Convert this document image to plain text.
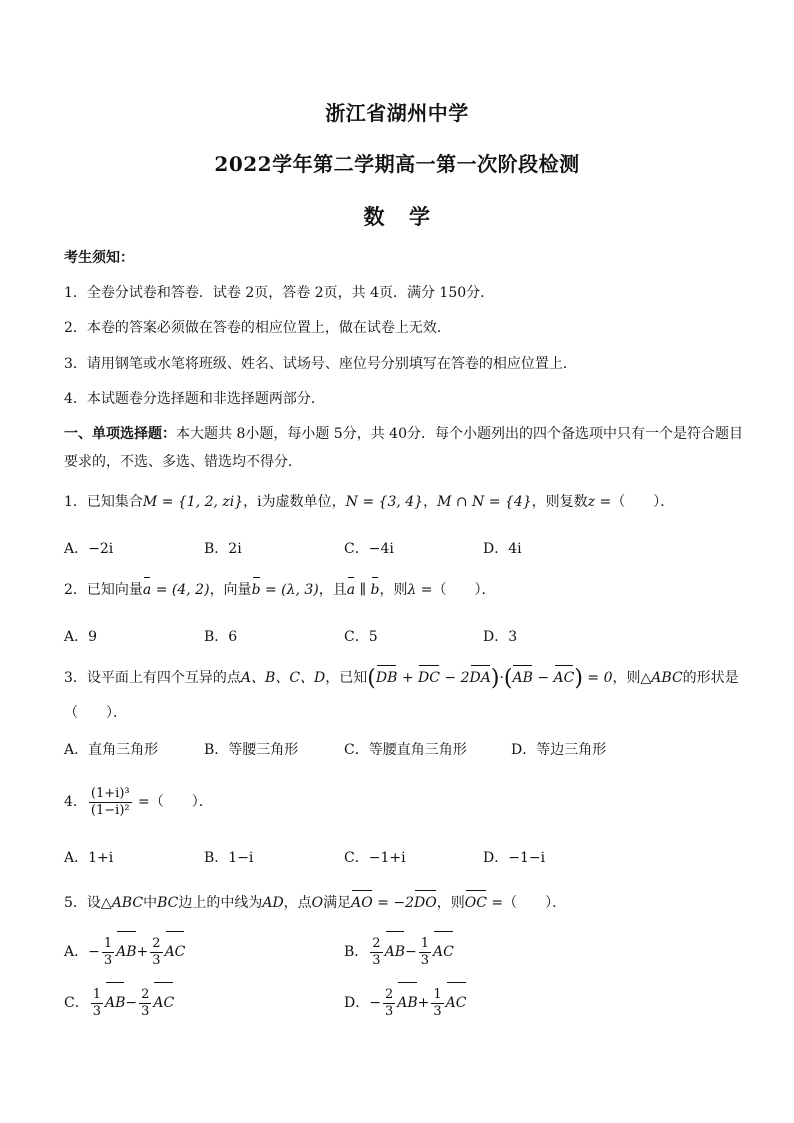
浙江省湖州中学
2022学年第二学期高一第一次阶段检测
数 学
考生须知：
1．全卷分试卷和答卷．试卷 2页，答卷 2页，共 4页．满分 150分．
2．本卷的答案必须做在答卷的相应位置上，做在试卷上无效．
3．请用钢笔或水笔将班级、姓名、试场号、座位号分别填写在答卷的相应位置上．
4．本试题卷分选择题和非选择题两部分．
一、单项选择题：本大题共 8小题，每小题 5分，共 40分．每个小题列出的四个备选项中只有一个是符合题目要求的，不选、多选、错选均不得分．
1．已知集合M = {1, 2, zi}，i为虚数单位，N = {3, 4}，M ∩ N = {4}，则复数z =（　　）．
A．−2i	B．2i	C．−4i	D．4i
2．已知向量a = (4, 2)，向量b = (λ, 3)，且a ∥ b，则λ =（　　）．
A．9	B．6	C．5	D．3
3．设平面上有四个互异的点A、B、C、D，已知(DB + DC − 2DA)·(AB − AC) = 0，则△ABC的形状是
（　　）．
A．直角三角形	B．等腰三角形	C．等腰直角三角形	D．等边三角形
4． $\frac{\text{(1+i)³}}{\text{(1−i)²}}$ =（　　）．
A．1+i	B．1−i	C．−1+i	D．−1−i
5．设△ABC中BC边上的中线为AD，点O满足AO = −2DO，则OC =（　　）．
A．− $\frac{1}{3} AB+ \frac{2}{3}$ AC	B． $\frac{2}{3} AB- \frac{1}{3}$ AC
C． $\frac{1}{3} AB- \frac{2}{3}$ AC	D．− $\frac{2}{3} AB+ \frac{1}{3}$ AC
